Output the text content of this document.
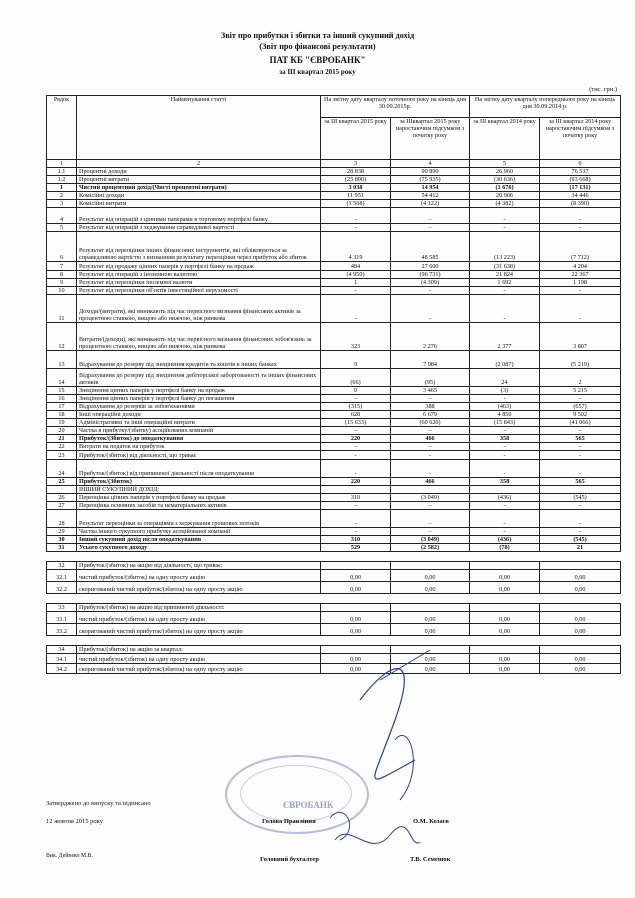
Звіт про прибутки і збитки та інший сукупний дохід
(Звіт про фінансові результати)
ПАТ КБ "ЄВРОБАНК"
за ІІІ квартал 2015 року
(тис. грн.)
Рядок	Найменування статті	На звітну дату кварталу поточного року на кінець дня 30.09.2015р.		На звітну дату кварталу попереднього року на кінець дня 30.09.2014 р.	
		за ІІІ квартал 2015 року	за ІІІквартал 2015 року наростаючим підсумком з початку року	за ІІІ квартал 2014 року	за ІІІ квартал 2014 року наростаючим підсумком з початку року
1	2	3	4	5	6
1.1	Процентні доходи	28 838	90 890	26 960	76 537
1.2	Процентні витрати	(25 800)	(75 935)	(30 636)	(93 668)
1	Чистий процентний дохід/(Чисті процентні витрати)	3 038	14 954	(3 676)	(17 131)
2	Комісійні доходи	11 951	54 412	20 906	34 446
3	Комісійні витрати	(1 568)	(4 122)	(4 382)	(8 390)
4	Результат від операцій з цінними паперами в торговому портфелі банку	-	-	-	-
5	Результат від операцій з хеджування справедливої вартості	-	-	-	-
6	Результат від переоцінки інших фінансових інструментів, які обліковуються за справедливою вартістю з визнанням результату переоцінки через прибуток або збиток	4 319	48 585	(13 223)	(7 712)
7	Результат від продажу цінних паперів у портфелі банку на продаж	484	27 600	(31 638)	4 204
8	Результат від операцій з іноземною валютою	(4 950)	(96 731)	21 824	22 367
9	Результат від переоцінки іноземної валюти	1	(4 309)	1 692	1 198
10	Результат від переоцінки об'єктів інвестиційної нерухомості	-	-	-	-
11	Доходи/(витрати), які виникають під час первісного визнання фінансових активів за процентною ставкою, вищою або нижчою, ніж ринкова	-	-	-	-
12	Витрати/(доходи), які виникають під час первісного визнання фінансових зобов'язань за процентною ставкою, вищою або нижчою, ніж ринкова	323	2 276	2 377	3 807
13	Відрахування до резерву під знецінення кредитів та коштів в інших банках	9	7 984	(2 087)	(5 219)
14	Відрахування до резерву під знецінення дебіторської заборгованості та інших фінансових активів	(66)	(95)	24	2
15	Знецінення цінних паперів у портфелі банку на продаж	0	3 465	(3)	5 215
16	Знецінення цінних паперів у портфелі банку до погашення	-	-	-	-
17	Відрахування до резервів за зобов'язаннями	(315)	388	(463)	(657)
18	Інші операційні доходи	628	6 679	4 850	9 502
19	Адміністративні та інші операційні витрати	(15 633)	(60 620)	(15 843)	(41 066)
20	Частка в прибутку/(збитку) асоційованих компаній	-	-	-	-
21	Прибуток/(Збиток) до оподаткування	220	466	358	565
22	Витрати на податок на прибуток	-	-	-	-
23	Прибуток/(збиток) від діяльності, що триває	-	-	-	-
24	Прибуток/(збиток) від припиненої діяльності після оподаткування	-	-	-	-
25	Прибуток/(Збиток)	220	466	358	565
	ІНШИЙ СУКУПНИЙ ДОХІД:				
26	Переоцінка цінних паперів у портфелі банку на продаж	310	(3 049)	(436)	(545)
27	Переоцінка основних засобів та нематеріальних активів	-	-	-	-
28	Результат переоцінки за операціями з хеджування грошових потоків	-	-	-	-
29	Частка іншого сукупного прибутку асоційованої компанії	-	-	-	-
30	Інший сукупний дохід після оподаткування	310	(3 049)	(436)	(545)
31	Усього сукупного доходу	529	(2 582)	(78)	21

32	Прибуток/(збиток) на акцію від діяльності, що триває:				
32.1	чистий прибуток/(збиток) на одну просту акцію	0,00	0,00	0,00	0,00
32.2	скоригований чистий прибуток/(збиток) на одну просту акцію	0,00	0,00	0,00	0,00

33	Прибуток/(збиток) на акцію від припиненої діяльності:				
33.1	чистий прибуток/(збиток) на одну просту акцію	0,00	0,00	0,00	0,00
33.2	скоригований чистий прибуток/(збиток) на одну просту акцію	0,00	0,00	0,00	0,00

34	Прибуток/(збиток) на акцію за квартал:				
34.1	чистий прибуток/(збиток) на одну просту акцію	0,00	0,00	0,00	0,00
34.2	скоригований чистий прибуток/(збиток) на одну просту акцію	0,00	0,00	0,00	0,00
ЄВРОБАНК
Затверджено до випуску та підписано
12 жовтня 2015 року	Голова Правління	О.М. Козаєв
Вик. Дейнеко М.В.	Головний бухгалтер	Т.В. Семенюк
